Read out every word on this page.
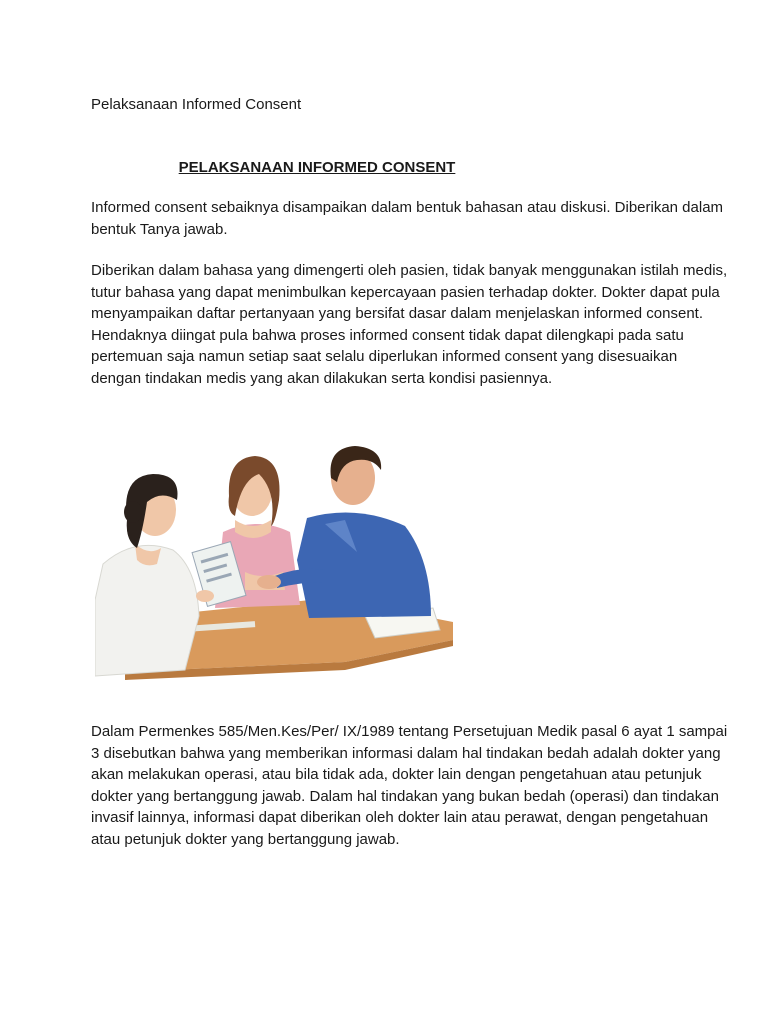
Pelaksanaan Informed Consent
PELAKSANAAN INFORMED CONSENT

Informed consent sebaiknya disampaikan dalam bentuk bahasan atau diskusi. Diberikan dalam bentuk Tanya jawab.

Diberikan dalam bahasa yang dimengerti oleh pasien, tidak banyak menggunakan istilah medis, tutur bahasa yang dapat menimbulkan kepercayaan pasien terhadap dokter. Dokter dapat pula menyampaikan daftar pertanyaan yang bersifat dasar dalam menjelaskan informed consent. Hendaknya diingat pula bahwa proses informed consent tidak dapat dilengkapi pada satu pertemuan saja namun setiap saat selalu diperlukan informed consent yang disesuaikan dengan tindakan medis yang akan dilakukan serta kondisi pasiennya.

Dalam Permenkes 585/Men.Kes/Per/ IX/1989 tentang Persetujuan Medik pasal 6 ayat 1 sampai 3 disebutkan bahwa yang memberikan informasi dalam hal tindakan bedah adalah dokter yang akan melakukan operasi, atau bila tidak ada, dokter lain dengan pengetahuan atau petunjuk dokter yang bertanggung jawab. Dalam hal tindakan yang bukan bedah (operasi) dan tindakan invasif lainnya, informasi dapat diberikan oleh dokter lain atau perawat, dengan pengetahuan atau petunjuk dokter yang bertanggung jawab.
